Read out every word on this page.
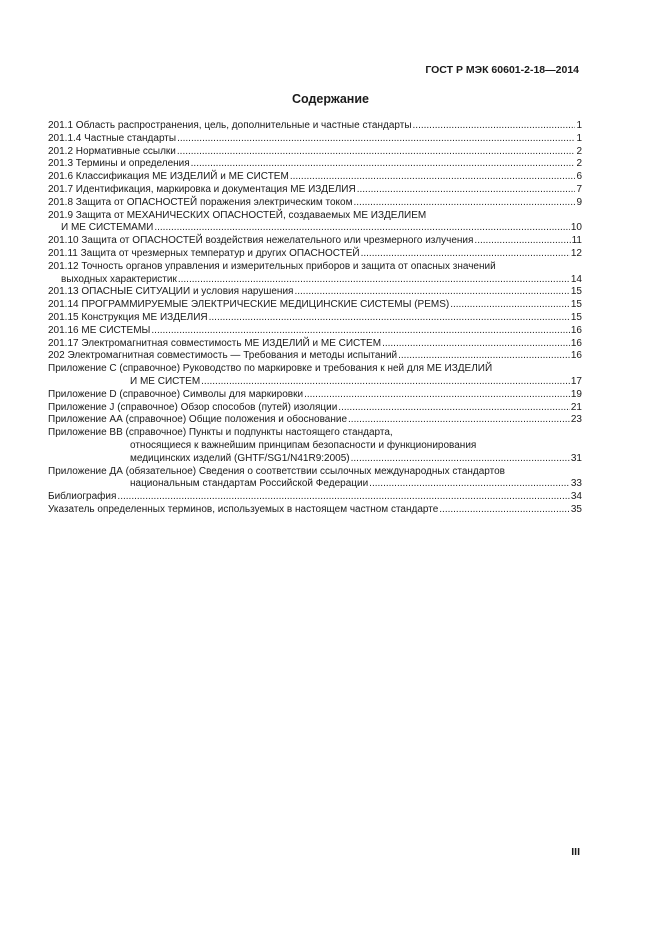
ГОСТ Р МЭК 60601-2-18—2014
Содержание
201.1 Область распространения, цель, дополнительные и частные стандарты .....	1
201.1.4 Частные стандарты .....	1
201.2 Нормативные ссылки .....	2
201.3 Термины и определения .....	2
201.6 Классификация МЕ ИЗДЕЛИЙ и МЕ СИСТЕМ .....	6
201.7 Идентификация, маркировка и документация МЕ ИЗДЕЛИЯ .....	7
201.8 Защита от ОПАСНОСТЕЙ поражения электрическим током .....	9
201.9 Защита от МЕХАНИЧЕСКИХ ОПАСНОСТЕЙ, создаваемых МЕ ИЗДЕЛИЕМ
И МЕ СИСТЕМАМИ .....	10
201.10 Защита от ОПАСНОСТЕЙ воздействия нежелательного или чрезмерного излучения .....	11
201.11 Защита от чрезмерных температур и других ОПАСНОСТЕЙ .....	12
201.12 Точность органов управления и измерительных приборов и защита от опасных значений
выходных характеристик .....	14
201.13 ОПАСНЫЕ СИТУАЦИИ и условия нарушения .....	15
201.14 ПРОГРАММИРУЕМЫЕ ЭЛЕКТРИЧЕСКИЕ МЕДИЦИНСКИЕ СИСТЕМЫ (PEMS) .....	15
201.15 Конструкция МЕ ИЗДЕЛИЯ .....	15
201.16 МЕ СИСТЕМЫ .....	16
201.17 Электромагнитная совместимость МЕ ИЗДЕЛИЙ и МЕ СИСТЕМ .....	16
202 Электромагнитная совместимость — Требования и методы испытаний .....	16
Приложение С (справочное) Руководство по маркировке и требования к ней для МЕ ИЗДЕЛИЙ
И МЕ СИСТЕМ .....	17
Приложение D (справочное) Символы для маркировки .....	19
Приложение J (справочное) Обзор способов (путей) изоляции .....	21
Приложение АА (справочное) Общие положения и обоснование .....	23
Приложение ВВ (справочное) Пункты и подпункты настоящего стандарта,
относящиеся к важнейшим принципам безопасности и функционирования
медицинских изделий (GHTF/SG1/N41R9:2005) .....	31
Приложение ДА (обязательное) Сведения о соответствии ссылочных международных стандартов
национальным стандартам Российской Федерации .....	33
Библиография .....	34
Указатель определенных терминов, используемых в настоящем частном стандарте .....	35
III
